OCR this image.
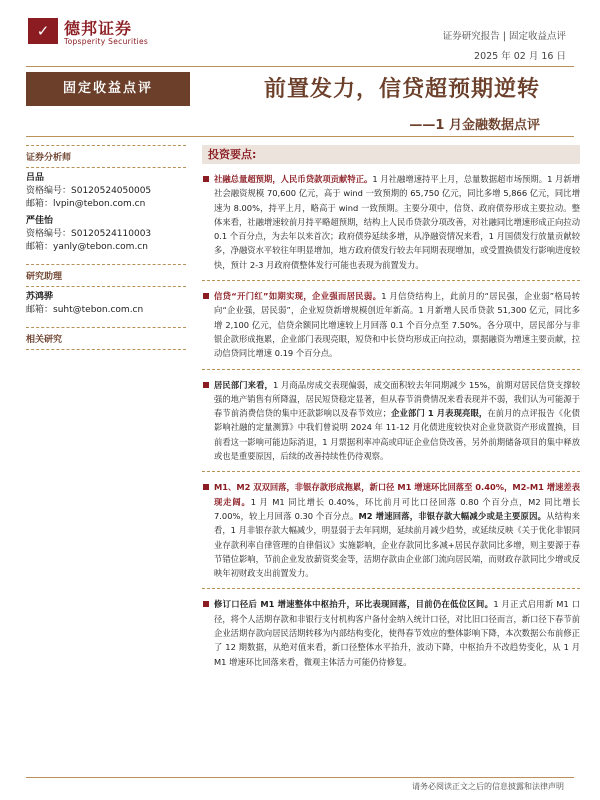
✓ 德邦证券
Topsperity Securities	证券研究报告 | 固定收益点评
2025 年 02 月 16 日
固定收益点评	前置发力，信贷超预期逆转
——1 月金融数据点评
证券分析师
吕品
资格编号：S0120524050005
邮箱：lvpin@tebon.com.cn
严佳怡
资格编号：S0120524110003
邮箱：yanly@tebon.com.cn
研究助理
苏鸿骅
邮箱：suht@tebon.com.cn
相关研究
投资要点:
社融总量超预期，人民币贷款项贡献特正。1 月社融增速持平上月，总量数据超市场预期。1 月新增社会融资规模 70,600 亿元，高于 wind 一致预期的 65,750 亿元，同比多增 5,866 亿元，同比增速为 8.00%，持平上月，略高于 wind 一致预期。主要分项中，信贷、政府债券形成主要拉动。整体来看，社融增速较前月持平略超预期，结构上人民币贷款分项改善，对社融同比增速形成正向拉动 0.1 个百分点，为去年以来首次；政府债券延续多增，从净融资情况来看，1 月国债发行放量贡献较多，净融资水平较往年明显增加，地方政府债发行较去年同期表现增加，或受置换债发行影响进度较快，预计 2-3 月政府债整体发行可能也表现为前置发力。
信贷“开门红”如期实现，企业强而居民弱。1 月信贷结构上，此前月的“居民强，企业弱”格局转向“企业强，居民弱”，企业短贷新增规模创近年新高。1 月新增人民币贷款 51,300 亿元，同比多增 2,100 亿元，信贷余额同比增速较上月回落 0.1 个百分点至 7.50%。各分项中，居民部分与非银企款形成拖累，企业部门表现亮眼，短贷和中长贷均形成正向拉动，票据融资为增速主要贡献，拉动信贷同比增速 0.19 个百分点。
居民部门来看，1 月商品房成交表现偏弱，成交面积较去年同期减少 15%，前期对居民信贷支撑较强的地产销售有所降温，居民短贷稳定显著，但从春节消费情况来看表现并不弱，我们认为可能源于春节前消费信贷的集中还款影响以及春节效应；企业部门 1 月表现亮眼，在前月的点评报告《化债影响社融的定量测算》中我们曾说明 2024 年 11-12 月化债进度较快对企业贷款资产形成置换，目前看这一影响可能边际消退，1 月票据利率冲高或印证企业信贷改善，另外前期储备项目的集中释放或也是重要原因，后续的改善持续性仍待观察。
M1、M2 双双回落，非银存款形成拖累，新口径 M1 增速环比回落至 0.40%，M2-M1 增速差表现走阔。1 月 M1 同比增长 0.40%，环比前月可比口径回落 0.80 个百分点，M2 同比增长 7.00%，较上月回落 0.30 个百分点。M2 增速回落，非银存款大幅减少或是主要原因。从结构来看，1 月非银存款大幅减少，明显弱于去年同期，延续前月减少趋势，或延续反映《关于优化非银同业存款利率自律管理的自律倡议》实施影响，企业存款同比多减+居民存款同比多增，则主要源于春节错位影响，节前企业发放薪资奖金等，活期存款由企业部门流向居民端，而财政存款同比少增或反映年初财政支出前置发力。
修订口径后 M1 增速整体中枢抬升，环比表现回落，目前仍在低位区间。1 月正式启用新 M1 口径，将个人活期存款和非银行支付机构客户备付金纳入统计口径，对比旧口径而言，新口径下春节前企业活期存款向居民活期转移为内部结构变化，使得春节效应的整体影响下降，本次数据公布前修正了 12 期数据，从绝对值来看，新口径整体水平抬升，波动下降，中枢抬升不改趋势变化，从 1 月 M1 增速环比回落来看，微观主体活力可能仍待修复。
请务必阅读正文之后的信息披露和法律声明
